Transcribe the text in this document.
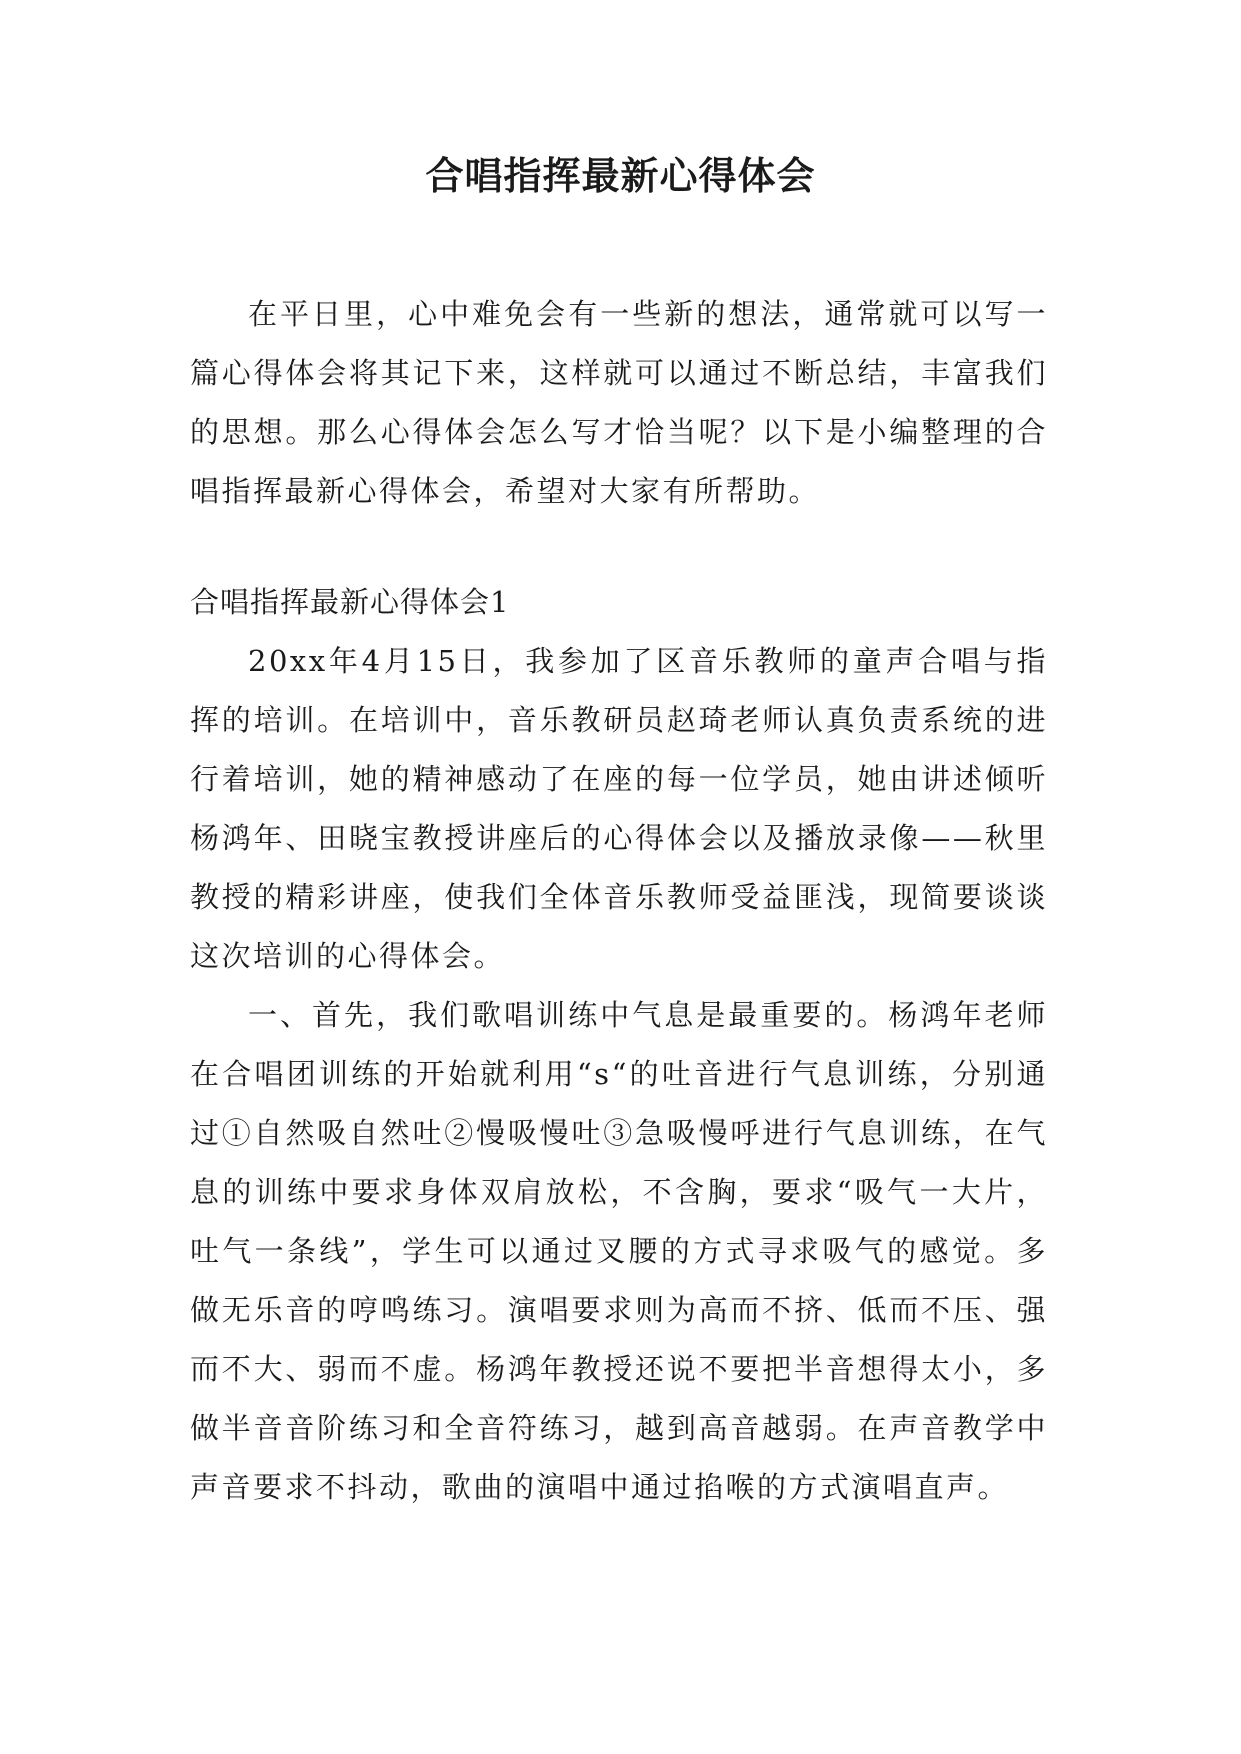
合唱指挥最新心得体会

在平日里，心中难免会有一些新的想法，通常就可以写一篇心得体会将其记下来，这样就可以通过不断总结，丰富我们的思想。那么心得体会怎么写才恰当呢？以下是小编整理的合唱指挥最新心得体会，希望对大家有所帮助。

合唱指挥最新心得体会1

20xx年4月15日，我参加了区音乐教师的童声合唱与指挥的培训。在培训中，音乐教研员赵琦老师认真负责系统的进行着培训，她的精神感动了在座的每一位学员，她由讲述倾听杨鸿年、田晓宝教授讲座后的心得体会以及播放录像——秋里教授的精彩讲座，使我们全体音乐教师受益匪浅，现简要谈谈这次培训的心得体会。

一、首先，我们歌唱训练中气息是最重要的。杨鸿年老师在合唱团训练的开始就利用“s“的吐音进行气息训练，分别通过①自然吸自然吐②慢吸慢吐③急吸慢呼进行气息训练，在气息的训练中要求身体双肩放松，不含胸，要求“吸气一大片，吐气一条线”，学生可以通过叉腰的方式寻求吸气的感觉。多做无乐音的哼鸣练习。演唱要求则为高而不挤、低而不压、强而不大、弱而不虚。杨鸿年教授还说不要把半音想得太小，多做半音音阶练习和全音符练习，越到高音越弱。在声音教学中声音要求不抖动，歌曲的演唱中通过掐喉的方式演唱直声。
